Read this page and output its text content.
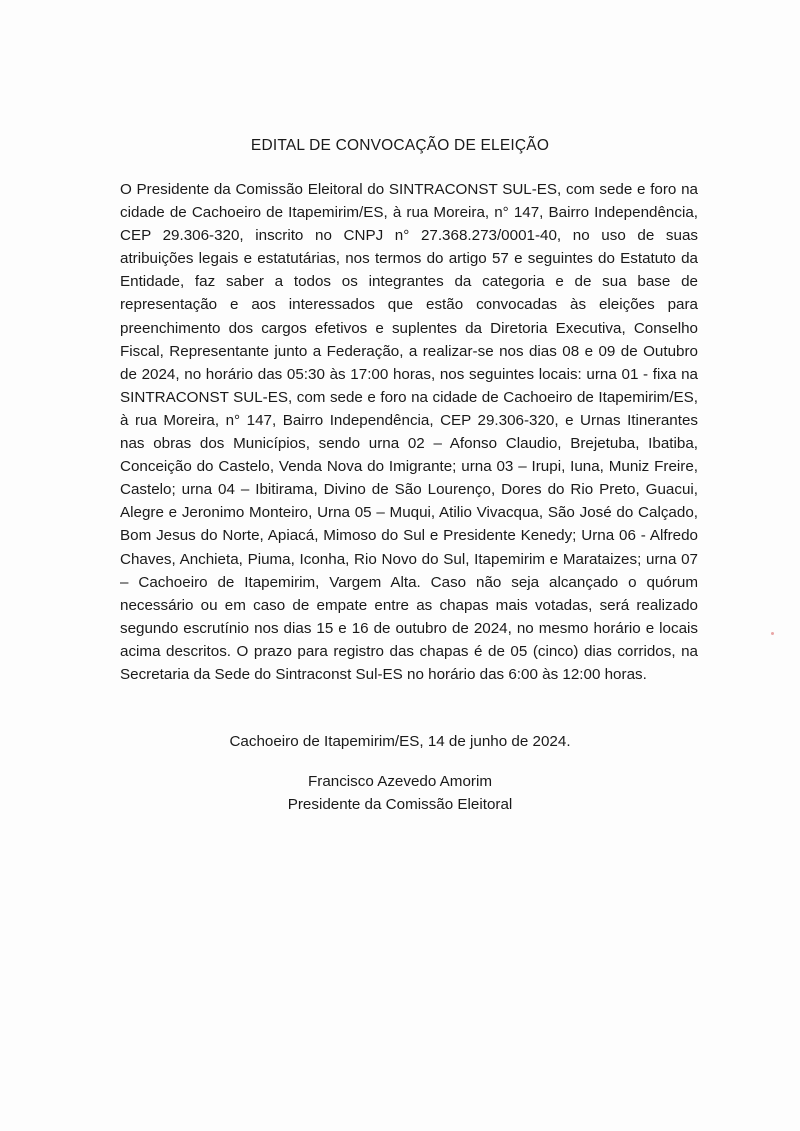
EDITAL DE CONVOCAÇÃO DE ELEIÇÃO

O Presidente da Comissão Eleitoral do SINTRACONST SUL-ES, com sede e foro na cidade de Cachoeiro de Itapemirim/ES, à rua Moreira, n° 147, Bairro Independência, CEP 29.306-320, inscrito no CNPJ n° 27.368.273/0001-40, no uso de suas atribuições legais e estatutárias, nos termos do artigo 57 e seguintes do Estatuto da Entidade, faz saber a todos os integrantes da categoria e de sua base de representação e aos interessados que estão convocadas às eleições para preenchimento dos cargos efetivos e suplentes da Diretoria Executiva, Conselho Fiscal, Representante junto a Federação, a realizar-se nos dias 08 e 09 de Outubro de 2024, no horário das 05:30 às 17:00 horas, nos seguintes locais: urna 01 - fixa na SINTRACONST SUL-ES, com sede e foro na cidade de Cachoeiro de Itapemirim/ES, à rua Moreira, n° 147, Bairro Independência, CEP 29.306-320, e Urnas Itinerantes nas obras dos Municípios, sendo urna 02 – Afonso Claudio, Brejetuba, Ibatiba, Conceição do Castelo, Venda Nova do Imigrante; urna 03 – Irupi, Iuna, Muniz Freire, Castelo; urna 04 – Ibitirama, Divino de São Lourenço, Dores do Rio Preto, Guacui, Alegre e Jeronimo Monteiro, Urna 05 – Muqui, Atilio Vivacqua, São José do Calçado, Bom Jesus do Norte, Apiacá, Mimoso do Sul e Presidente Kenedy; Urna 06 - Alfredo Chaves, Anchieta, Piuma, Iconha, Rio Novo do Sul, Itapemirim e Marataizes; urna 07 – Cachoeiro de Itapemirim, Vargem Alta. Caso não seja alcançado o quórum necessário ou em caso de empate entre as chapas mais votadas, será realizado segundo escrutínio nos dias 15 e 16 de outubro de 2024, no mesmo horário e locais acima descritos. O prazo para registro das chapas é de 05 (cinco) dias corridos, na Secretaria da Sede do Sintraconst Sul-ES no horário das 6:00 às 12:00 horas.

Cachoeiro de Itapemirim/ES, 14 de junho de 2024.
Francisco Azevedo Amorim
Presidente da Comissão Eleitoral
